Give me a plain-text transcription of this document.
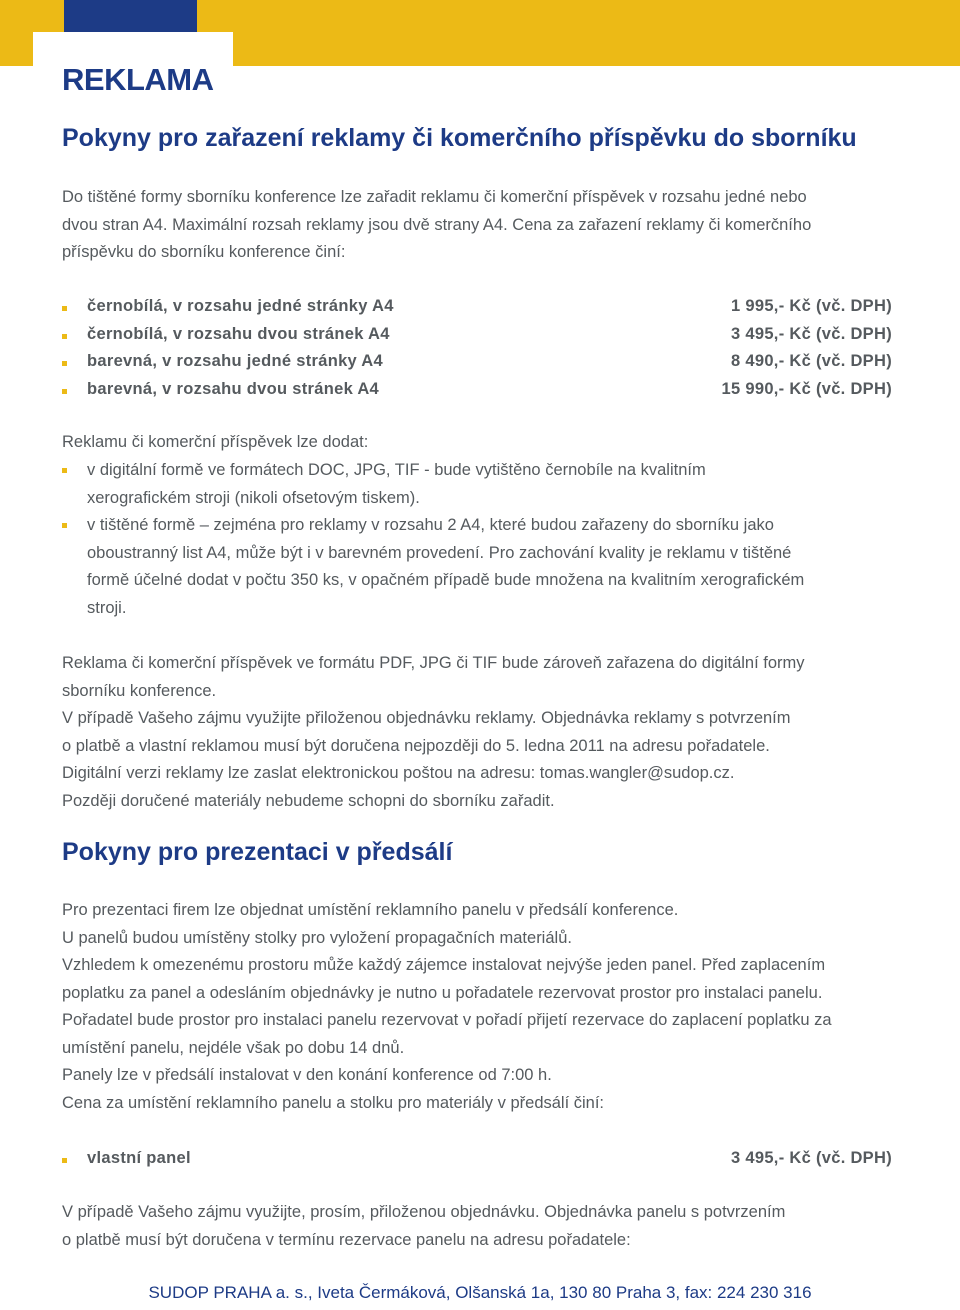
REKLAMA
Pokyny pro zařazení reklamy či komerčního příspěvku do sborníku
Do tištěné formy sborníku konference lze zařadit reklamu či komerční příspěvek v rozsahu jedné nebo
dvou stran A4. Maximální rozsah reklamy jsou dvě strany A4. Cena za zařazení reklamy či komerčního
příspěvku do sborníku konference činí:
černobílá, v rozsahu jedné stránky A4	1 995,- Kč (vč. DPH)
černobílá, v rozsahu dvou stránek A4	3 495,- Kč (vč. DPH)
barevná, v rozsahu jedné stránky A4	8 490,- Kč (vč. DPH)
barevná, v rozsahu dvou stránek A4	15 990,- Kč (vč. DPH)
Reklamu či komerční příspěvek lze dodat:
v digitální formě ve formátech DOC, JPG, TIF - bude vytištěno černobíle na kvalitním
xerografickém stroji (nikoli ofsetovým tiskem).
v tištěné formě – zejména pro reklamy v rozsahu 2 A4, které budou zařazeny do sborníku jako
oboustranný list A4, může být i v barevném provedení. Pro zachování kvality je reklamu v tištěné
formě účelné dodat v počtu 350 ks, v opačném případě bude množena na kvalitním xerografickém
stroji.
Reklama či komerční příspěvek ve formátu PDF, JPG či TIF bude zároveň zařazena do digitální formy
sborníku konference.
V případě Vašeho zájmu využijte přiloženou objednávku reklamy. Objednávka reklamy s potvrzením
o platbě a vlastní reklamou musí být doručena nejpozději do 5. ledna 2011 na adresu pořadatele.
Digitální verzi reklamy lze zaslat elektronickou poštou na adresu: tomas.wangler@sudop.cz.
Později doručené materiály nebudeme schopni do sborníku zařadit.
Pokyny pro prezentaci v předsálí
Pro prezentaci firem lze objednat umístění reklamního panelu v předsálí konference.
U panelů budou umístěny stolky pro vyložení propagačních materiálů.
Vzhledem k omezenému prostoru může každý zájemce instalovat nejvýše jeden panel. Před zaplacením
poplatku za panel a odesláním objednávky je nutno u pořadatele rezervovat prostor pro instalaci panelu.
Pořadatel bude prostor pro instalaci panelu rezervovat v pořadí přijetí rezervace do zaplacení poplatku za
umístění panelu, nejdéle však po dobu 14 dnů.
Panely lze v předsálí instalovat v den konání konference od 7:00 h.
Cena za umístění reklamního panelu a stolku pro materiály v předsálí činí:
vlastní panel	3 495,- Kč (vč. DPH)
V případě Vašeho zájmu využijte, prosím, přiloženou objednávku. Objednávka panelu s potvrzením
o platbě musí být doručena v termínu rezervace panelu na adresu pořadatele:
SUDOP PRAHA a. s., Iveta Čermáková, Olšanská 1a, 130 80 Praha 3, fax: 224 230 316
